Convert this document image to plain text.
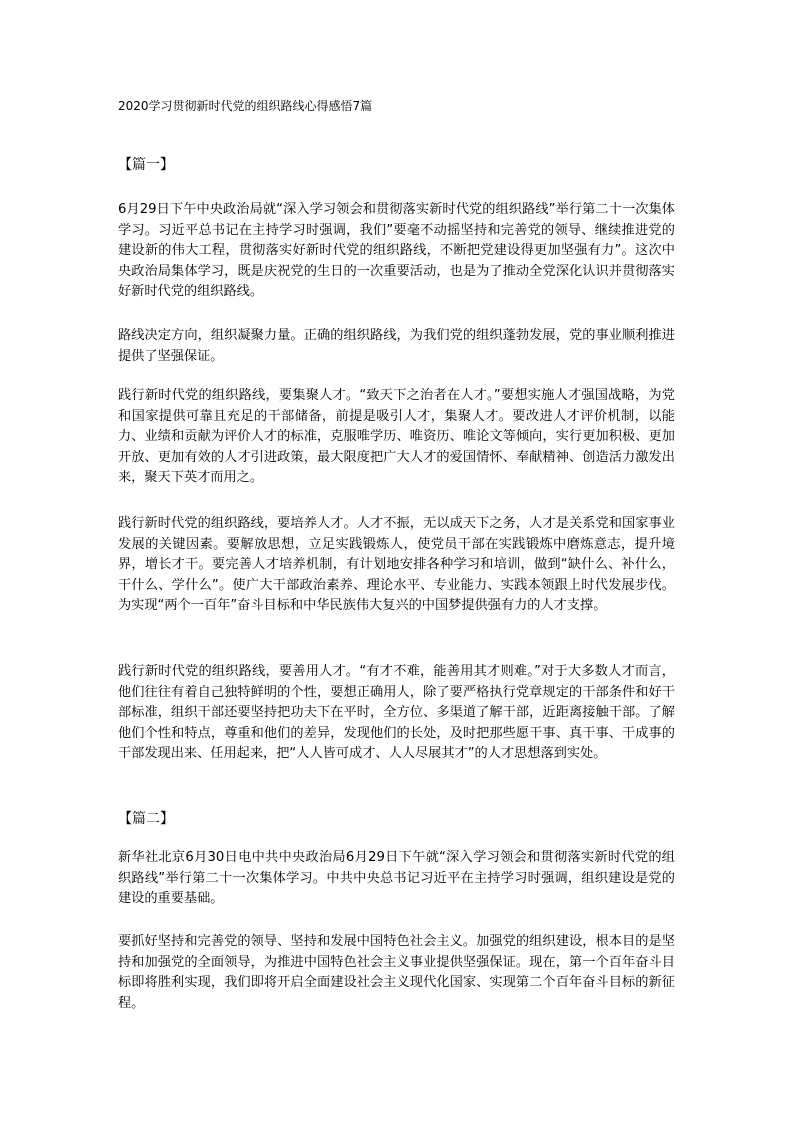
2020学习贯彻新时代党的组织路线心得感悟7篇

【篇一】

6月29日下午中央政治局就“深入学习领会和贯彻落实新时代党的组织路线”举行第二十一次集体学习。习近平总书记在主持学习时强调，我们”要毫不动摇坚持和完善党的领导、继续推进党的建设新的伟大工程，贯彻落实好新时代党的组织路线，不断把党建设得更加坚强有力”。这次中央政治局集体学习，既是庆祝党的生日的一次重要活动，也是为了推动全党深化认识并贯彻落实好新时代党的组织路线。

路线决定方向，组织凝聚力量。正确的组织路线，为我们党的组织蓬勃发展，党的事业顺利推进提供了坚强保证。

践行新时代党的组织路线，要集聚人才。“致天下之治者在人才。”要想实施人才强国战略，为党和国家提供可靠且充足的干部储备，前提是吸引人才，集聚人才。要改进人才评价机制，以能力、业绩和贡献为评价人才的标准，克服唯学历、唯资历、唯论文等倾向，实行更加积极、更加开放、更加有效的人才引进政策，最大限度把广大人才的爱国情怀、奉献精神、创造活力激发出来，聚天下英才而用之。

践行新时代党的组织路线，要培养人才。人才不振，无以成天下之务，人才是关系党和国家事业发展的关键因素。要解放思想，立足实践锻炼人，使党员干部在实践锻炼中磨炼意志，提升境界，增长才干。要完善人才培养机制，有计划地安排各种学习和培训，做到“缺什么、补什么，干什么、学什么”。使广大干部政治素养、理论水平、专业能力、实践本领跟上时代发展步伐。为实现“两个一百年”奋斗目标和中华民族伟大复兴的中国梦提供强有力的人才支撑。

践行新时代党的组织路线，要善用人才。“有才不难，能善用其才则难。”对于大多数人才而言，他们往往有着自己独特鲜明的个性，要想正确用人，除了要严格执行党章规定的干部条件和好干部标准，组织干部还要坚持把功夫下在平时，全方位、多渠道了解干部，近距离接触干部。了解他们个性和特点，尊重和他们的差异，发现他们的长处，及时把那些愿干事、真干事、干成事的干部发现出来、任用起来，把“人人皆可成才、人人尽展其才”的人才思想落到实处。

【篇二】

新华社北京6月30日电中共中央政治局6月29日下午就“深入学习领会和贯彻落实新时代党的组织路线”举行第二十一次集体学习。中共中央总书记习近平在主持学习时强调，组织建设是党的建设的重要基础。

要抓好坚持和完善党的领导、坚持和发展中国特色社会主义。加强党的组织建设，根本目的是坚持和加强党的全面领导，为推进中国特色社会主义事业提供坚强保证。现在，第一个百年奋斗目标即将胜利实现，我们即将开启全面建设社会主义现代化国家、实现第二个百年奋斗目标的新征程。
